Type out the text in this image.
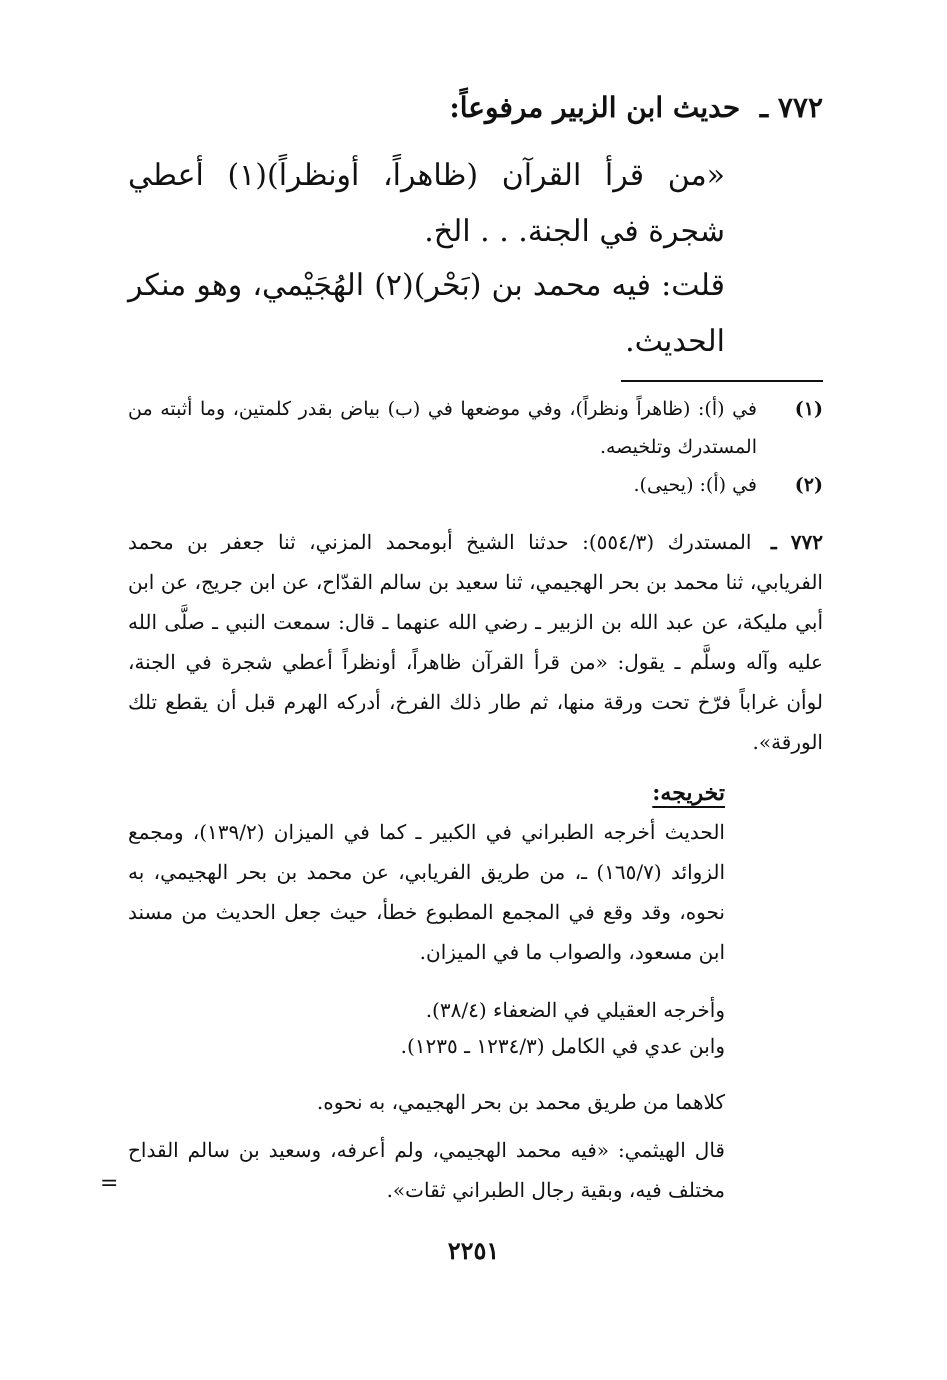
٧٧٢ ـ حديث ابن الزبير مرفوعاً:
«من قرأ القرآن (ظاهراً، أونظراً)(١) أعطي شجرة في الجنة. . . الخ.
قلت: فيه محمد بن (بَحْر)(٢) الهُجَيْمي، وهو منكر الحديث.
(١)
في (أ): (ظاهراً ونظراً)، وفي موضعها في (ب) بياض بقدر كلمتين، وما أثبته من المستدرك وتلخيصه.
(٢)
في (أ): (يحيى).
٧٧٢ ـ المستدرك (٥٥٤/٣): حدثنا الشيخ أبومحمد المزني، ثنا جعفر بن محمد الفريابي، ثنا محمد بن بحر الهجيمي، ثنا سعيد بن سالم القدّاح، عن ابن جريج، عن ابن أبي مليكة، عن عبد الله بن الزبير ـ رضي الله عنهما ـ قال: سمعت النبي ـ صلَّى الله عليه وآله وسلَّم ـ يقول: «من قرأ القرآن ظاهراً، أونظراً أعطي شجرة في الجنة، لوأن غراباً فرّخ تحت ورقة منها، ثم طار ذلك الفرخ، أدركه الهرم قبل أن يقطع تلك الورقة».
تخريجه:
الحديث أخرجه الطبراني في الكبير ـ كما في الميزان (١٣٩/٢)، ومجمع الزوائد (١٦٥/٧) ـ، من طريق الفريابي، عن محمد بن بحر الهجيمي، به نحوه، وقد وقع في المجمع المطبوع خطأ، حيث جعل الحديث من مسند ابن مسعود، والصواب ما في الميزان.
وأخرجه العقيلي في الضعفاء (٣٨/٤).
وابن عدي في الكامل (١٢٣٤/٣ ـ ١٢٣٥).
كلاهما من طريق محمد بن بحر الهجيمي، به نحوه.
قال الهيثمي: «فيه محمد الهجيمي، ولم أعرفه، وسعيد بن سالم القداح مختلف فيه، وبقية رجال الطبراني ثقات».
=
٢٢٥١
